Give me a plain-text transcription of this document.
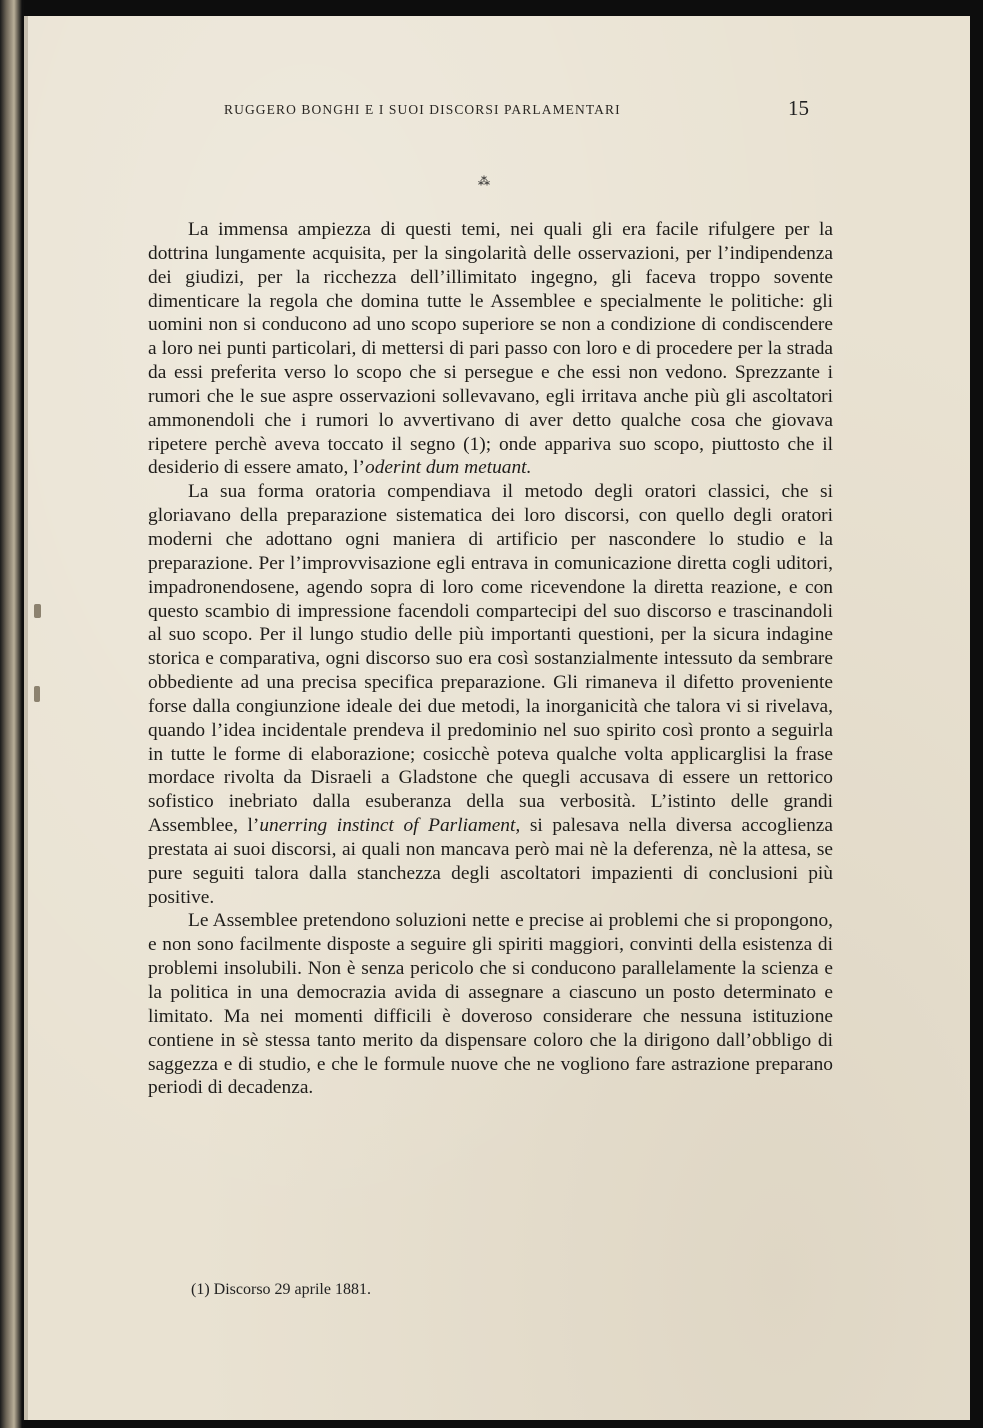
RUGGERO BONGHI E I SUOI DISCORSI PARLAMENTARI	15
⁂

La immensa ampiezza di questi temi, nei quali gli era facile rifulgere per la dottrina lungamente acquisita, per la singolarità delle osservazioni, per l’indipendenza dei giudizi, per la ricchezza dell’illimitato ingegno, gli faceva troppo sovente dimenticare la regola che domina tutte le Assemblee e specialmente le politiche: gli uomini non si conducono ad uno scopo superiore se non a condizione di condiscendere a loro nei punti particolari, di mettersi di pari passo con loro e di procedere per la strada da essi preferita verso lo scopo che si persegue e che essi non vedono. Sprezzante i rumori che le sue aspre osservazioni sollevavano, egli irritava anche più gli ascoltatori ammonendoli che i rumori lo avvertivano di aver detto qualche cosa che giovava ripetere perchè aveva toccato il segno (1); onde appariva suo scopo, piuttosto che il desiderio di essere amato, l’oderint dum metuant.

La sua forma oratoria compendiava il metodo degli oratori classici, che si gloriavano della preparazione sistematica dei loro discorsi, con quello degli oratori moderni che adottano ogni maniera di artificio per nascondere lo studio e la preparazione. Per l’improvvisazione egli entrava in comunicazione diretta cogli uditori, impadronendosene, agendo sopra di loro come ricevendone la diretta reazione, e con questo scambio di impressione facendoli compartecipi del suo discorso e trascinandoli al suo scopo. Per il lungo studio delle più importanti questioni, per la sicura indagine storica e comparativa, ogni discorso suo era così sostanzialmente intessuto da sembrare obbediente ad una precisa specifica preparazione. Gli rimaneva il difetto proveniente forse dalla congiunzione ideale dei due metodi, la inorganicità che talora vi si rivelava, quando l’idea incidentale prendeva il predominio nel suo spirito così pronto a seguirla in tutte le forme di elaborazione; cosicchè poteva qualche volta applicarglisi la frase mordace rivolta da Disraeli a Gladstone che quegli accusava di essere un rettorico sofistico inebriato dalla esuberanza della sua verbosità. L’istinto delle grandi Assemblee, l’unerring instinct of Parliament, si palesava nella diversa accoglienza prestata ai suoi discorsi, ai quali non mancava però mai nè la deferenza, nè la attesa, se pure seguiti talora dalla stanchezza degli ascoltatori impazienti di conclusioni più positive.

Le Assemblee pretendono soluzioni nette e precise ai problemi che si propongono, e non sono facilmente disposte a seguire gli spiriti maggiori, convinti della esistenza di problemi insolubili. Non è senza pericolo che si conducono parallelamente la scienza e la politica in una democrazia avida di assegnare a ciascuno un posto determinato e limitato. Ma nei momenti difficili è doveroso considerare che nessuna istituzione contiene in sè stessa tanto merito da dispensare coloro che la dirigono dall’obbligo di saggezza e di studio, e che le formule nuove che ne vogliono fare astrazione preparano periodi di decadenza.

(1) Discorso 29 aprile 1881.
